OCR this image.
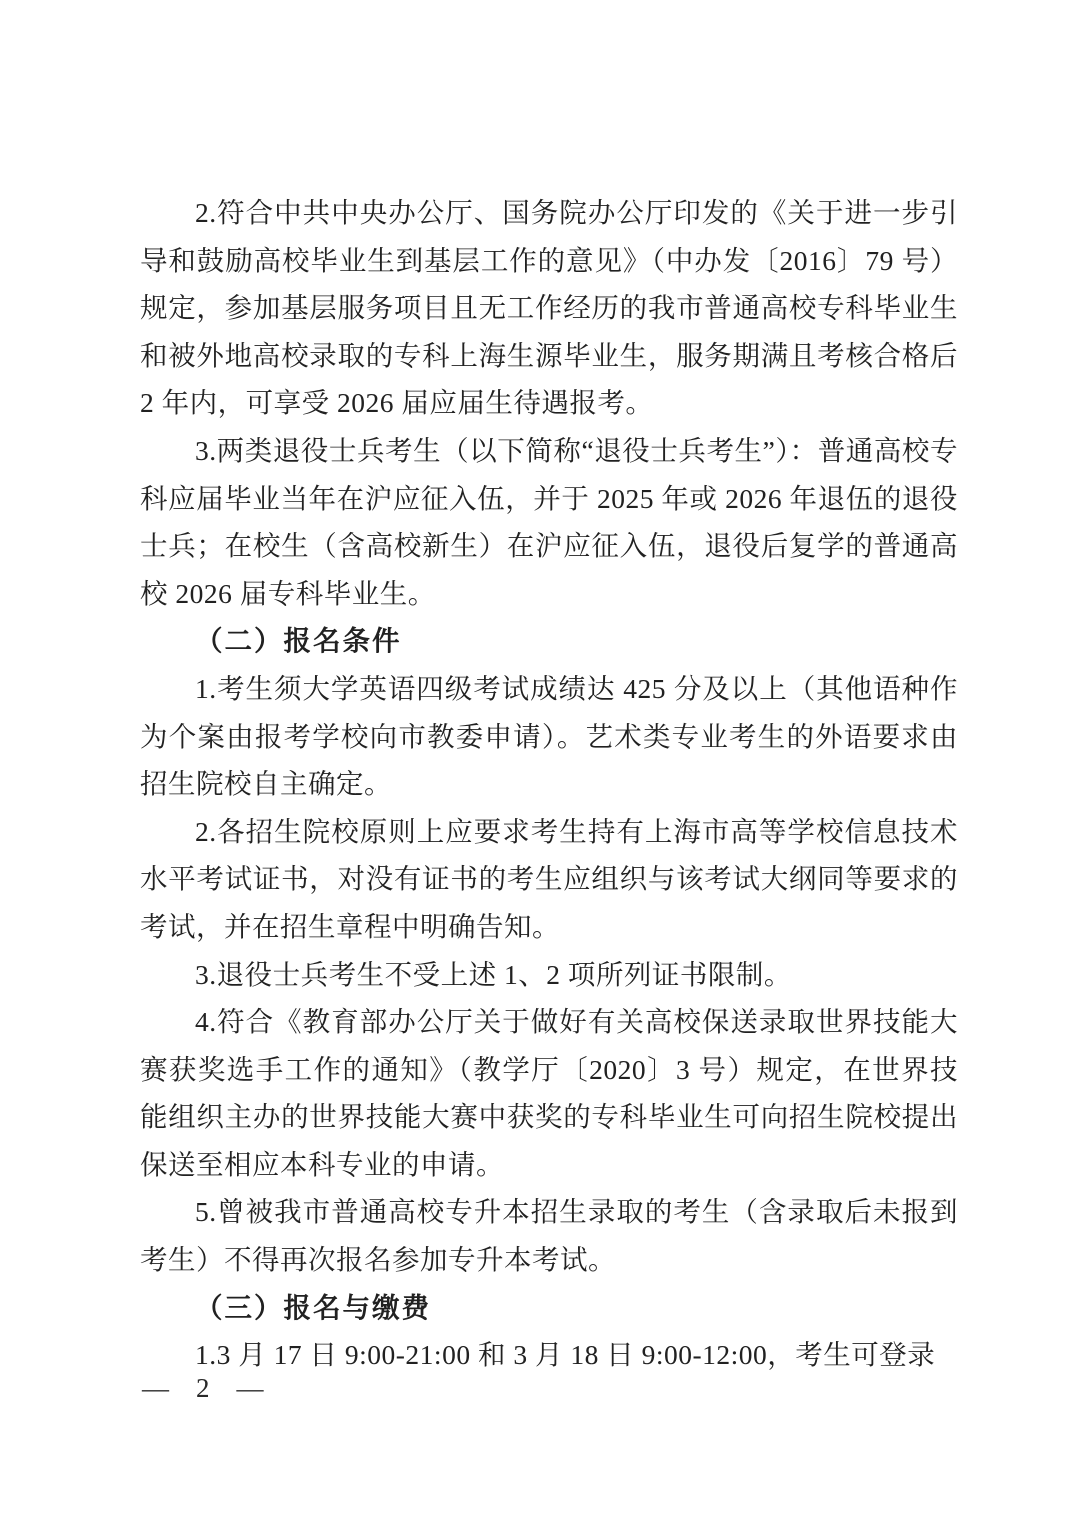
2.符合中共中央办公厅、国务院办公厅印发的《关于进一步引导和鼓励高校毕业生到基层工作的意见》（中办发〔2016〕79 号）规定，参加基层服务项目且无工作经历的我市普通高校专科毕业生和被外地高校录取的专科上海生源毕业生，服务期满且考核合格后 2 年内，可享受 2026 届应届生待遇报考。

3.两类退役士兵考生（以下简称“退役士兵考生”）：普通高校专科应届毕业当年在沪应征入伍，并于 2025 年或 2026 年退伍的退役士兵；在校生（含高校新生）在沪应征入伍，退役后复学的普通高校 2026 届专科毕业生。

（二）报名条件

1.考生须大学英语四级考试成绩达 425 分及以上（其他语种作为个案由报考学校向市教委申请）。艺术类专业考生的外语要求由招生院校自主确定。

2.各招生院校原则上应要求考生持有上海市高等学校信息技术水平考试证书，对没有证书的考生应组织与该考试大纲同等要求的考试，并在招生章程中明确告知。

3.退役士兵考生不受上述 1、2 项所列证书限制。

4.符合《教育部办公厅关于做好有关高校保送录取世界技能大赛获奖选手工作的通知》（教学厅〔2020〕3 号）规定，在世界技能组织主办的世界技能大赛中获奖的专科毕业生可向招生院校提出保送至相应本科专业的申请。

5.曾被我市普通高校专升本招生录取的考生（含录取后未报到考生）不得再次报名参加专升本考试。

（三）报名与缴费

1.3 月 17 日 9:00-21:00 和 3 月 18 日 9:00-12:00，考生可登录

— 2 —
